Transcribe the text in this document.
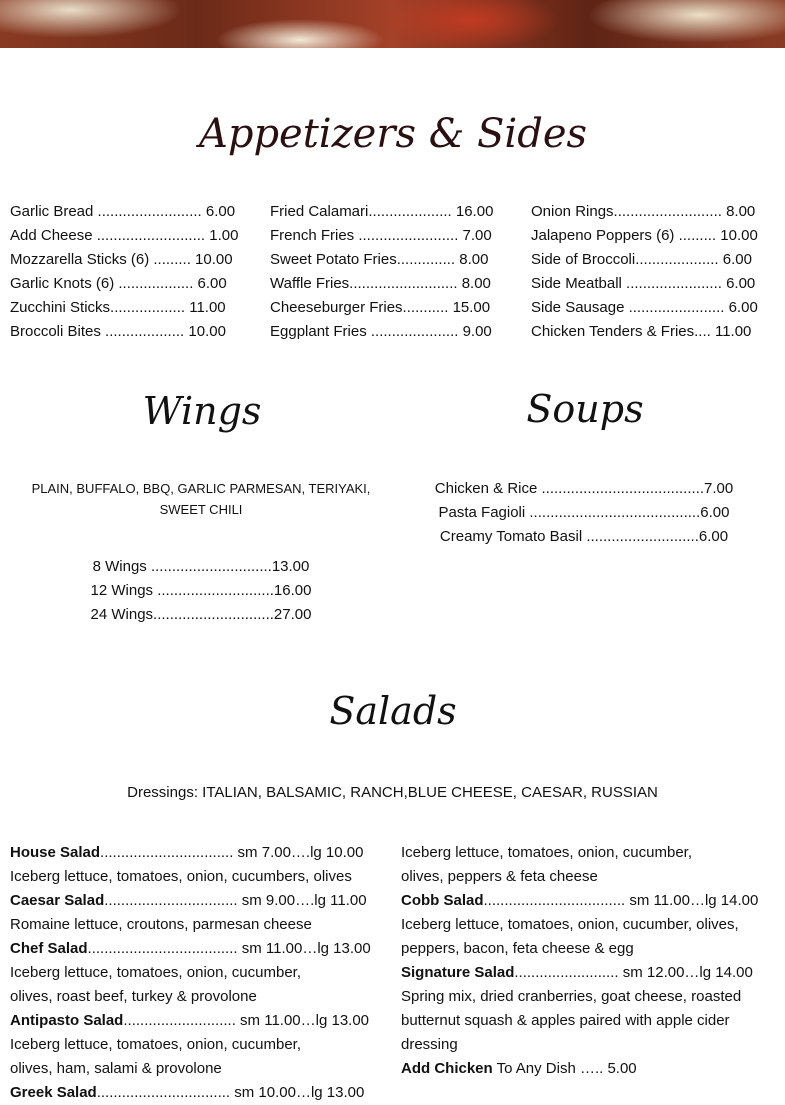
Appetizers & Sides
Garlic Bread ......................... 6.00
Add Cheese .......................... 1.00
Mozzarella Sticks (6) ......... 10.00
Garlic Knots (6) .................. 6.00
Zucchini Sticks.................. 11.00
Broccoli Bites ................... 10.00
Fried Calamari.................... 16.00
French Fries ........................ 7.00
Sweet Potato Fries.............. 8.00
Waffle Fries.......................... 8.00
Cheeseburger Fries........... 15.00
Eggplant Fries ..................... 9.00
Onion Rings.......................... 8.00
Jalapeno Poppers (6) ......... 10.00
Side of Broccoli.................... 6.00
Side Meatball ....................... 6.00
Side Sausage ....................... 6.00
Chicken Tenders & Fries.... 11.00
Wings
PLAIN, BUFFALO, BBQ, GARLIC PARMESAN, TERIYAKI,
SWEET CHILI
8 Wings .............................13.00
12 Wings ............................16.00
24 Wings.............................27.00
Soups
Chicken & Rice .......................................7.00
Pasta Fagioli .........................................6.00
Creamy Tomato Basil ...........................6.00
Salads
Dressings: ITALIAN, BALSAMIC, RANCH,BLUE CHEESE, CAESAR, RUSSIAN
House Salad................................ sm 7.00….lg 10.00
Iceberg lettuce, tomatoes, onion, cucumbers, olives
Caesar Salad................................ sm 9.00….lg 11.00
Romaine lettuce, croutons, parmesan cheese
Chef Salad.................................... sm 11.00…lg 13.00
Iceberg lettuce, tomatoes, onion, cucumber,
olives, roast beef, turkey & provolone
Antipasto Salad........................... sm 11.00…lg 13.00
Iceberg lettuce, tomatoes, onion, cucumber,
olives, ham, salami & provolone
Greek Salad................................ sm 10.00…lg 13.00
Iceberg lettuce, tomatoes, onion, cucumber,
olives, peppers & feta cheese
Cobb Salad.................................. sm 11.00…lg 14.00
Iceberg lettuce, tomatoes, onion, cucumber, olives,
peppers, bacon, feta cheese & egg
Signature Salad......................... sm 12.00…lg 14.00
Spring mix, dried cranberries, goat cheese, roasted
butternut squash & apples paired with apple cider
dressing
Add Chicken To Any Dish ….. 5.00
